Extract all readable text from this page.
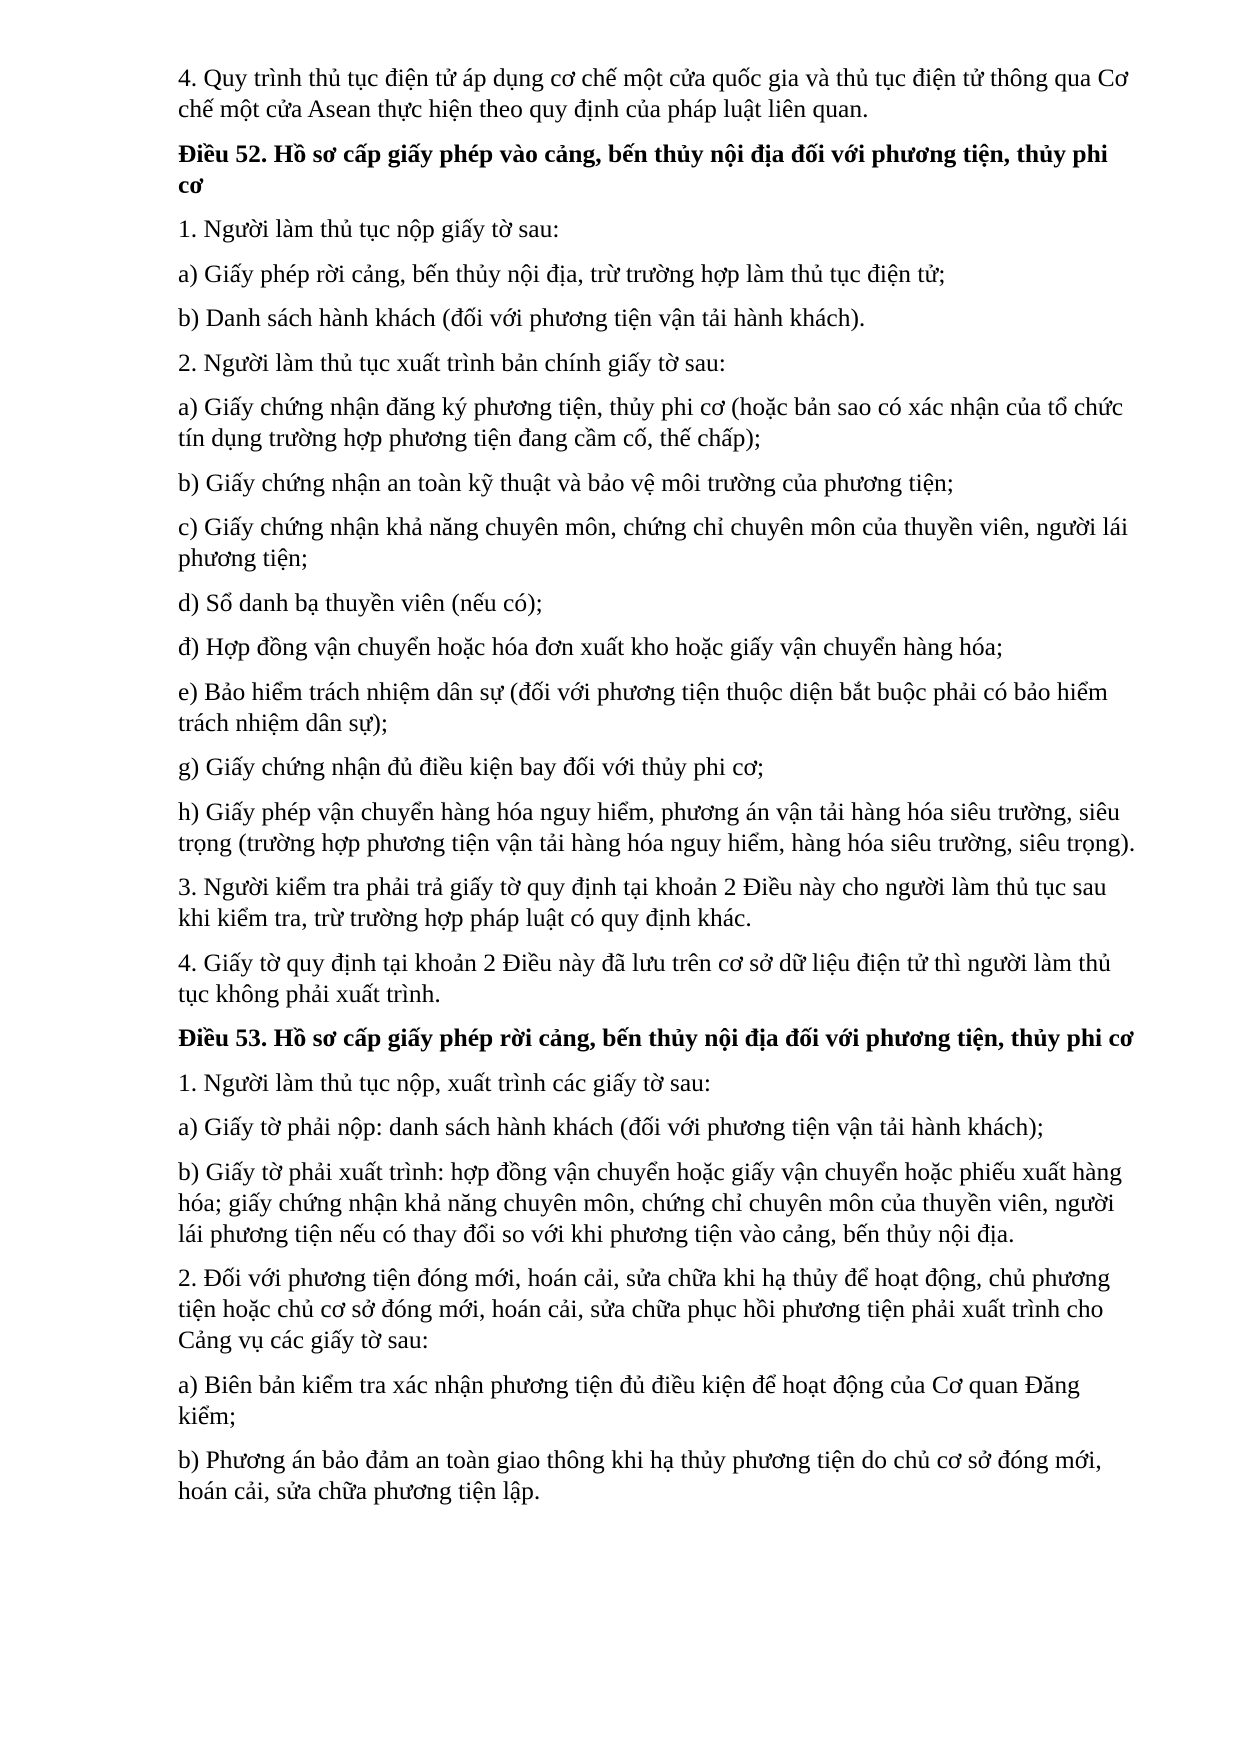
4. Quy trình thủ tục điện tử áp dụng cơ chế một cửa quốc gia và thủ tục điện tử thông qua Cơ chế một cửa Asean thực hiện theo quy định của pháp luật liên quan.

Điều 52. Hồ sơ cấp giấy phép vào cảng, bến thủy nội địa đối với phương tiện, thủy phi cơ

1. Người làm thủ tục nộp giấy tờ sau:

a) Giấy phép rời cảng, bến thủy nội địa, trừ trường hợp làm thủ tục điện tử;

b) Danh sách hành khách (đối với phương tiện vận tải hành khách).

2. Người làm thủ tục xuất trình bản chính giấy tờ sau:

a) Giấy chứng nhận đăng ký phương tiện, thủy phi cơ (hoặc bản sao có xác nhận của tổ chức tín dụng trường hợp phương tiện đang cầm cố, thế chấp);

b) Giấy chứng nhận an toàn kỹ thuật và bảo vệ môi trường của phương tiện;

c) Giấy chứng nhận khả năng chuyên môn, chứng chỉ chuyên môn của thuyền viên, người lái phương tiện;

d) Sổ danh bạ thuyền viên (nếu có);

đ) Hợp đồng vận chuyển hoặc hóa đơn xuất kho hoặc giấy vận chuyển hàng hóa;

e) Bảo hiểm trách nhiệm dân sự (đối với phương tiện thuộc diện bắt buộc phải có bảo hiểm trách nhiệm dân sự);

g) Giấy chứng nhận đủ điều kiện bay đối với thủy phi cơ;

h) Giấy phép vận chuyển hàng hóa nguy hiểm, phương án vận tải hàng hóa siêu trường, siêu trọng (trường hợp phương tiện vận tải hàng hóa nguy hiểm, hàng hóa siêu trường, siêu trọng).

3. Người kiểm tra phải trả giấy tờ quy định tại khoản 2 Điều này cho người làm thủ tục sau khi kiểm tra, trừ trường hợp pháp luật có quy định khác.

4. Giấy tờ quy định tại khoản 2 Điều này đã lưu trên cơ sở dữ liệu điện tử thì người làm thủ tục không phải xuất trình.

Điều 53. Hồ sơ cấp giấy phép rời cảng, bến thủy nội địa đối với phương tiện, thủy phi cơ

1. Người làm thủ tục nộp, xuất trình các giấy tờ sau:

a) Giấy tờ phải nộp: danh sách hành khách (đối với phương tiện vận tải hành khách);

b) Giấy tờ phải xuất trình: hợp đồng vận chuyển hoặc giấy vận chuyển hoặc phiếu xuất hàng hóa; giấy chứng nhận khả năng chuyên môn, chứng chỉ chuyên môn của thuyền viên, người lái phương tiện nếu có thay đổi so với khi phương tiện vào cảng, bến thủy nội địa.

2. Đối với phương tiện đóng mới, hoán cải, sửa chữa khi hạ thủy để hoạt động, chủ phương tiện hoặc chủ cơ sở đóng mới, hoán cải, sửa chữa phục hồi phương tiện phải xuất trình cho Cảng vụ các giấy tờ sau:

a) Biên bản kiểm tra xác nhận phương tiện đủ điều kiện để hoạt động của Cơ quan Đăng kiểm;

b) Phương án bảo đảm an toàn giao thông khi hạ thủy phương tiện do chủ cơ sở đóng mới, hoán cải, sửa chữa phương tiện lập.
